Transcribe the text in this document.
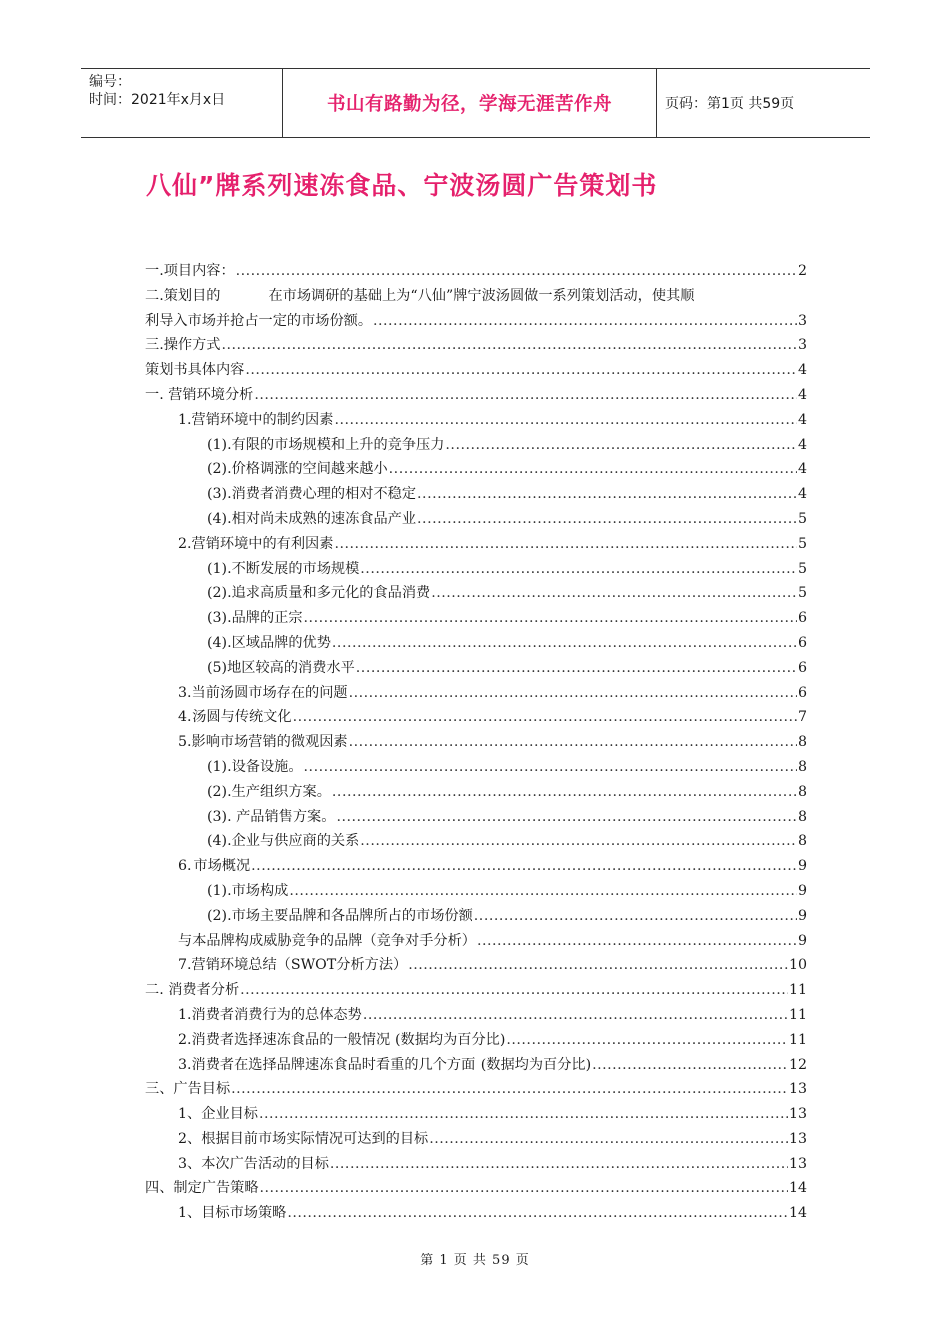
编号：
时间：2021年x月x日	书山有路勤为径，学海无涯苦作舟	页码：第1页 共59页
八仙”牌系列速冻食品、宁波汤圆广告策划书
一.项目内容： .....	2
二.策划目的	在市场调研的基础上为“八仙”牌宁波汤圆做一系列策划活动，使其顺
利导入市场并抢占一定的市场份额。 .....	3
三.操作方式 .....	3
策划书具体内容 .....	4
一. 营销环境分析 .....	4
1. 营销环境中的制约因素 .....	4
(1).有限的市场规模和上升的竞争压力 .....	4
(2).价格调涨的空间越来越小 .....	4
(3).消费者消费心理的相对不稳定 .....	4
(4).相对尚未成熟的速冻食品产业 .....	5
2. 营销环境中的有利因素 .....	5
(1).不断发展的市场规模 .....	5
(2).追求高质量和多元化的食品消费 .....	5
(3).品牌的正宗 .....	6
(4).区域品牌的优势 .....	6
(5)地区较高的消费水平 .....	6
3. 当前汤圆市场存在的问题 .....	6
4. 汤圆与传统文化 .....	7
5. 影响市场营销的微观因素 .....	8
(1).设备设施。 .....	8
(2).生产组织方案。 .....	8
(3). 产品销售方案。 .....	8
(4).企业与供应商的关系 .....	8
6. 市场概况 .....	9
(1).市场构成 .....	9
(2).市场主要品牌和各品牌所占的市场份额 .....	9
与本品牌构成威胁竞争的品牌（竞争对手分析） .....	9
7. 营销环境总结（SWOT分析方法） .....	10
二. 消费者分析 .....	11
1. 消费者消费行为的总体态势 .....	11
2. 消费者选择速冻食品的一般情况 (数据均为百分比) .....	11
3. 消费者在选择品牌速冻食品时看重的几个方面 (数据均为百分比) .....	12
三、广告目标 .....	13
1、企业目标 .....	13
2、根据目前市场实际情况可达到的目标 .....	13
3、本次广告活动的目标 .....	13
四、制定广告策略 .....	14
1、目标市场策略 .....	14
第 1 页 共 59 页
